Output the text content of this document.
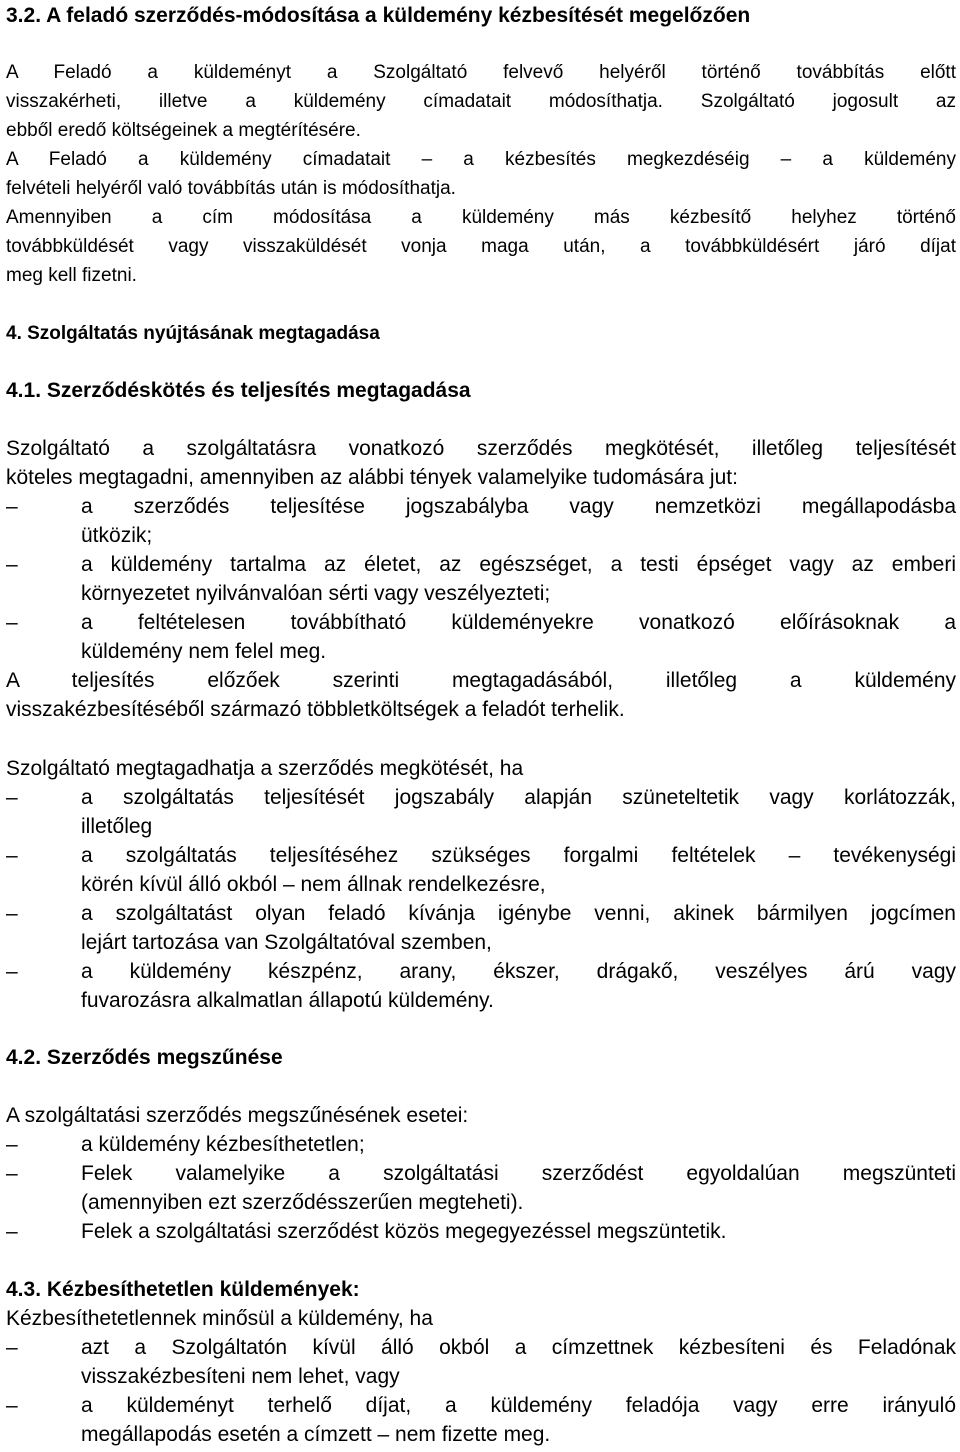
3.2. A feladó szerződés-módosítása a küldemény kézbesítését megelőzően
A Feladó a küldeményt a Szolgáltató felvevő helyéről történő továbbítás előtt
visszakérheti, illetve a küldemény címadatait módosíthatja. Szolgáltató jogosult az
ebből eredő költségeinek a megtérítésére.
A Feladó a küldemény címadatait – a kézbesítés megkezdéséig – a küldemény
felvételi helyéről való továbbítás után is módosíthatja.
Amennyiben a cím módosítása a küldemény más kézbesítő helyhez történő
továbbküldését vagy visszaküldését vonja maga után, a továbbküldésért járó díjat
meg kell fizetni.
4. Szolgáltatás nyújtásának megtagadása
4.1. Szerződéskötés és teljesítés megtagadása
Szolgáltató a szolgáltatásra vonatkozó szerződés megkötését, illetőleg teljesítését
köteles megtagadni, amennyiben az alábbi tények valamelyike tudomására jut:
–	a szerződés teljesítése jogszabályba vagy nemzetközi megállapodásba
ütközik;
–	a küldemény tartalma az életet, az egészséget, a testi épséget vagy az emberi
környezetet nyilvánvalóan sérti vagy veszélyezteti;
–	a feltételesen továbbítható küldeményekre vonatkozó előírásoknak a
küldemény nem felel meg.
A teljesítés előzőek szerinti megtagadásából, illetőleg a küldemény
visszakézbesítéséből származó többletköltségek a feladót terhelik.
Szolgáltató megtagadhatja a szerződés megkötését, ha
–	a szolgáltatás teljesítését jogszabály alapján szüneteltetik vagy korlátozzák,
illetőleg
–	a szolgáltatás teljesítéséhez szükséges forgalmi feltételek – tevékenységi
körén kívül álló okból – nem állnak rendelkezésre,
–	a szolgáltatást olyan feladó kívánja igénybe venni, akinek bármilyen jogcímen
lejárt tartozása van Szolgáltatóval szemben,
–	a küldemény készpénz, arany, ékszer, drágakő, veszélyes árú vagy
fuvarozásra alkalmatlan állapotú küldemény.
4.2. Szerződés megszűnése
A szolgáltatási szerződés megszűnésének esetei:
–	a küldemény kézbesíthetetlen;
–	Felek valamelyike a szolgáltatási szerződést egyoldalúan megszünteti
(amennyiben ezt szerződésszerűen megteheti).
–	Felek a szolgáltatási szerződést közös megegyezéssel megszüntetik.
4.3. Kézbesíthetetlen küldemények:
Kézbesíthetetlennek minősül a küldemény, ha
–	azt a Szolgáltatón kívül álló okból a címzettnek kézbesíteni és Feladónak
visszakézbesíteni nem lehet, vagy
–	a küldeményt terhelő díjat, a küldemény feladója vagy erre irányuló
megállapodás esetén a címzett – nem fizette meg.
